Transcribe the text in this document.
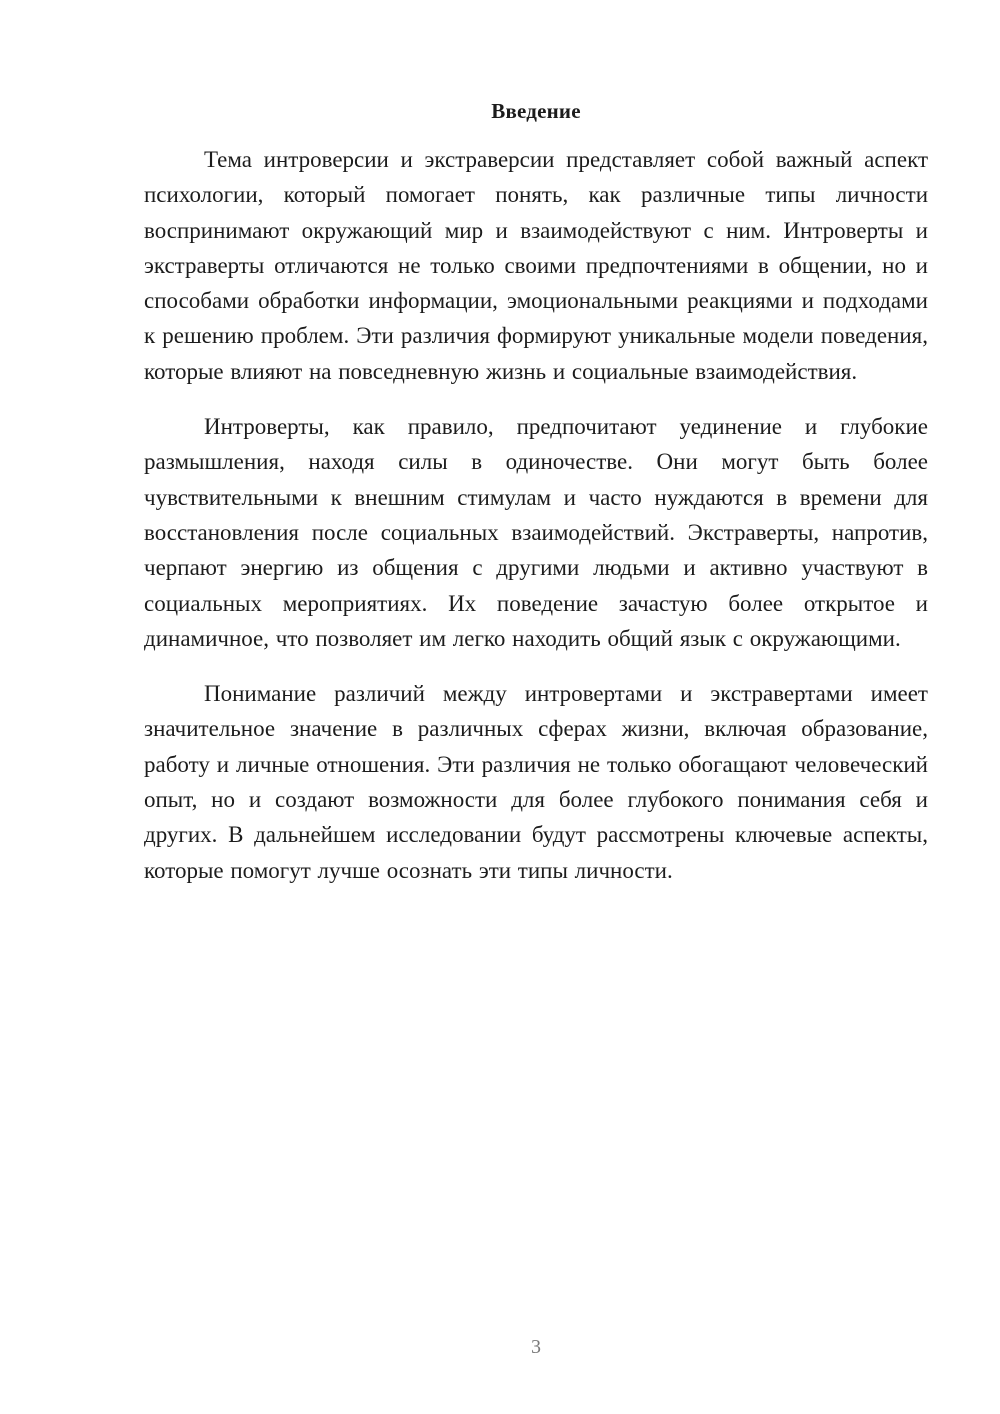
Введение

Тема интроверсии и экстраверсии представляет собой важный аспект психологии, который помогает понять, как различные типы личности воспринимают окружающий мир и взаимодействуют с ним. Интроверты и экстраверты отличаются не только своими предпочтениями в общении, но и способами обработки информации, эмоциональными реакциями и подходами к решению проблем. Эти различия формируют уникальные модели поведения, которые влияют на повседневную жизнь и социальные взаимодействия.

Интроверты, как правило, предпочитают уединение и глубокие размышления, находя силы в одиночестве. Они могут быть более чувствительными к внешним стимулам и часто нуждаются в времени для восстановления после социальных взаимодействий. Экстраверты, напротив, черпают энергию из общения с другими людьми и активно участвуют в социальных мероприятиях. Их поведение зачастую более открытое и динамичное, что позволяет им легко находить общий язык с окружающими.

Понимание различий между интровертами и экстравертами имеет значительное значение в различных сферах жизни, включая образование, работу и личные отношения. Эти различия не только обогащают человеческий опыт, но и создают возможности для более глубокого понимания себя и других. В дальнейшем исследовании будут рассмотрены ключевые аспекты, которые помогут лучше осознать эти типы личности.

3
